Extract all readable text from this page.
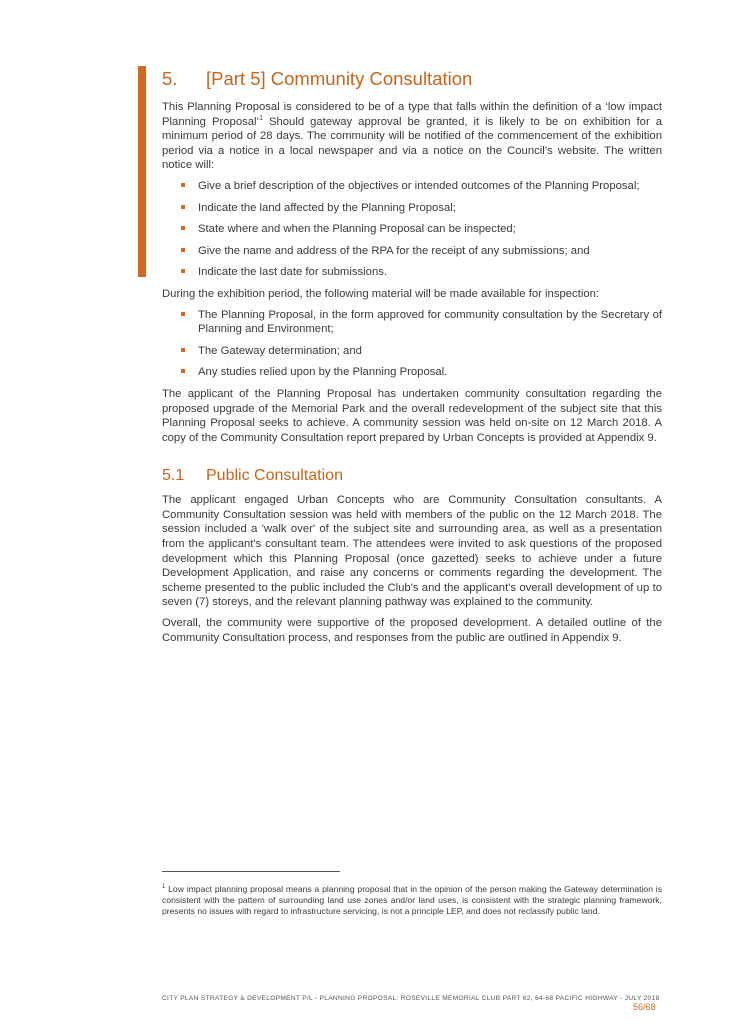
5. [Part 5] Community Consultation

This Planning Proposal is considered to be of a type that falls within the definition of a ‘low impact Planning Proposal’$^1$ Should gateway approval be granted, it is likely to be on exhibition for a minimum period of 28 days. The community will be notified of the commencement of the exhibition period via a notice in a local newspaper and via a notice on the Council’s website. The written notice will:

Give a brief description of the objectives or intended outcomes of the Planning Proposal;
Indicate the land affected by the Planning Proposal;
State where and when the Planning Proposal can be inspected;
Give the name and address of the RPA for the receipt of any submissions; and
Indicate the last date for submissions.

During the exhibition period, the following material will be made available for inspection:

The Planning Proposal, in the form approved for community consultation by the Secretary of Planning and Environment;
The Gateway determination; and
Any studies relied upon by the Planning Proposal.

The applicant of the Planning Proposal has undertaken community consultation regarding the proposed upgrade of the Memorial Park and the overall redevelopment of the subject site that this Planning Proposal seeks to achieve. A community session was held on-site on 12 March 2018. A copy of the Community Consultation report prepared by Urban Concepts is provided at Appendix 9.

5.1 Public Consultation

The applicant engaged Urban Concepts who are Community Consultation consultants. A Community Consultation session was held with members of the public on the 12 March 2018. The session included a 'walk over' of the subject site and surrounding area, as well as a presentation from the applicant's consultant team. The attendees were invited to ask questions of the proposed development which this Planning Proposal (once gazetted) seeks to achieve under a future Development Application, and raise any concerns or comments regarding the development. The scheme presented to the public included the Club's and the applicant's overall development of up to seven (7) storeys, and the relevant planning pathway was explained to the community.

Overall, the community were supportive of the proposed development. A detailed outline of the Community Consultation process, and responses from the public are outlined in Appendix 9.

$^1$ Low impact planning proposal means a planning proposal that in the opinion of the person making the Gateway determination is consistent with the pattern of surrounding land use zones and/or land uses, is consistent with the strategic planning framework, presents no issues with regard to infrastructure servicing, is not a principle LEP, and does not reclassify public land.
CITY PLAN STRATEGY & DEVELOPMENT P/L - PLANNING PROPOSAL: ROSEVILLE MEMORIAL CLUB PART 62, 64-68 PACIFIC HIGHWAY - JULY 2018
56/68
